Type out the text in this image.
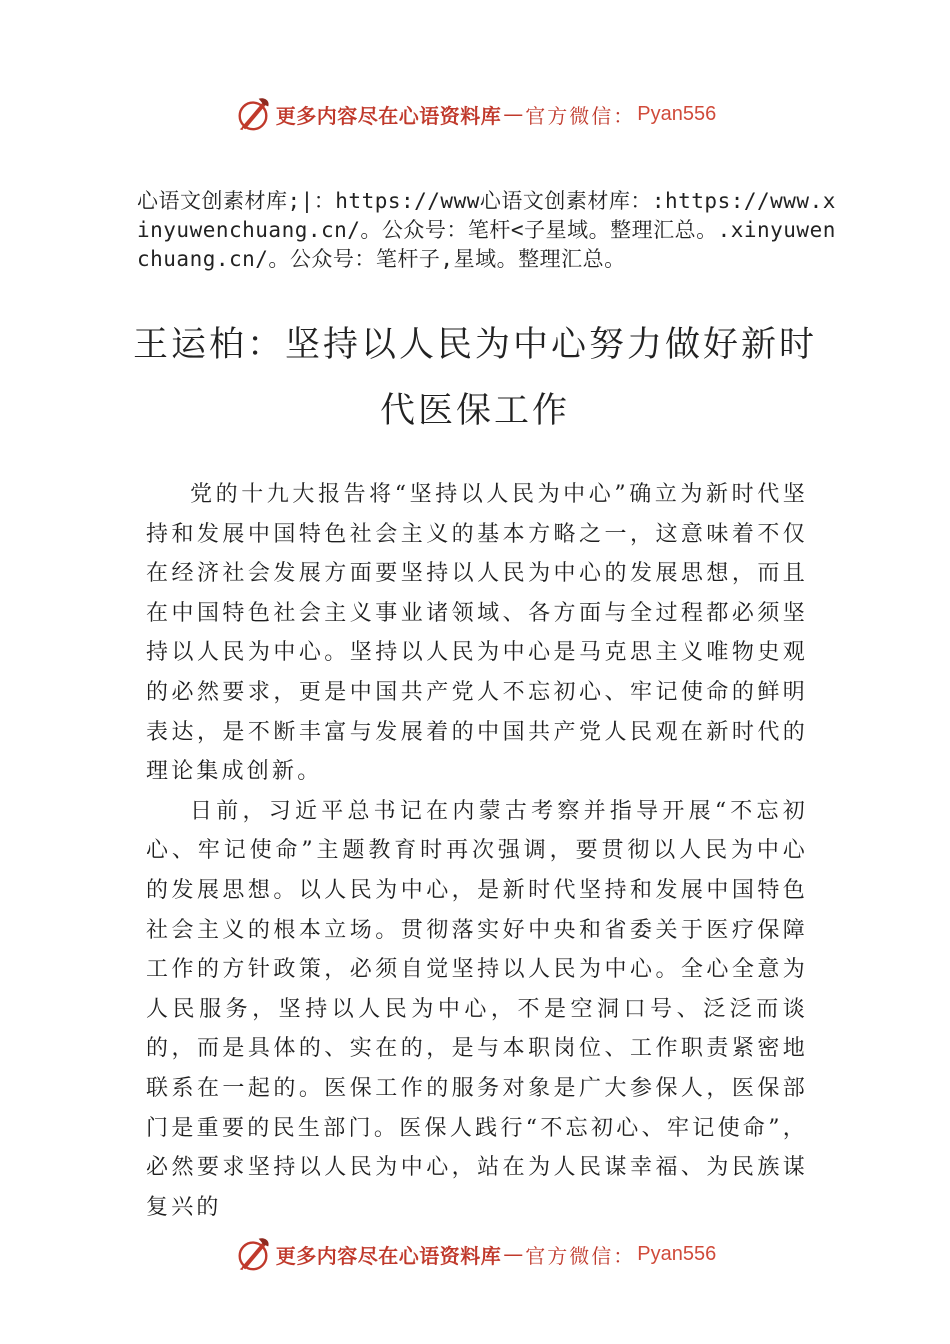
更多内容尽在心语资料库 — 官方微信： Pyan556
心语文创素材库;|：https://www心语文创素材库：:https://www.xinyuwenchuang.cn/。公众号：笔杆<子星域。整理汇总。.xinyuwenchuang.cn/。公众号：笔杆子,星域。整理汇总。
王运柏：坚持以人民为中心努力做好新时
代医保工作

党的十九大报告将“坚持以人民为中心”确立为新时代坚持和发展中国特色社会主义的基本方略之一，这意味着不仅在经济社会发展方面要坚持以人民为中心的发展思想，而且在中国特色社会主义事业诸领域、各方面与全过程都必须坚持以人民为中心。坚持以人民为中心是马克思主义唯物史观的必然要求，更是中国共产党人不忘初心、牢记使命的鲜明表达，是不断丰富与发展着的中国共产党人民观在新时代的理论集成创新。

日前，习近平总书记在内蒙古考察并指导开展“不忘初心、牢记使命”主题教育时再次强调，要贯彻以人民为中心的发展思想。以人民为中心，是新时代坚持和发展中国特色社会主义的根本立场。贯彻落实好中央和省委关于医疗保障工作的方针政策，必须自觉坚持以人民为中心。全心全意为人民服务，坚持以人民为中心，不是空洞口号、泛泛而谈的，而是具体的、实在的，是与本职岗位、工作职责紧密地联系在一起的。医保工作的服务对象是广大参保人，医保部门是重要的民生部门。医保人践行“不忘初心、牢记使命”，必然要求坚持以人民为中心，站在为人民谋幸福、为民族谋复兴的

更多内容尽在心语资料库 — 官方微信： Pyan556
